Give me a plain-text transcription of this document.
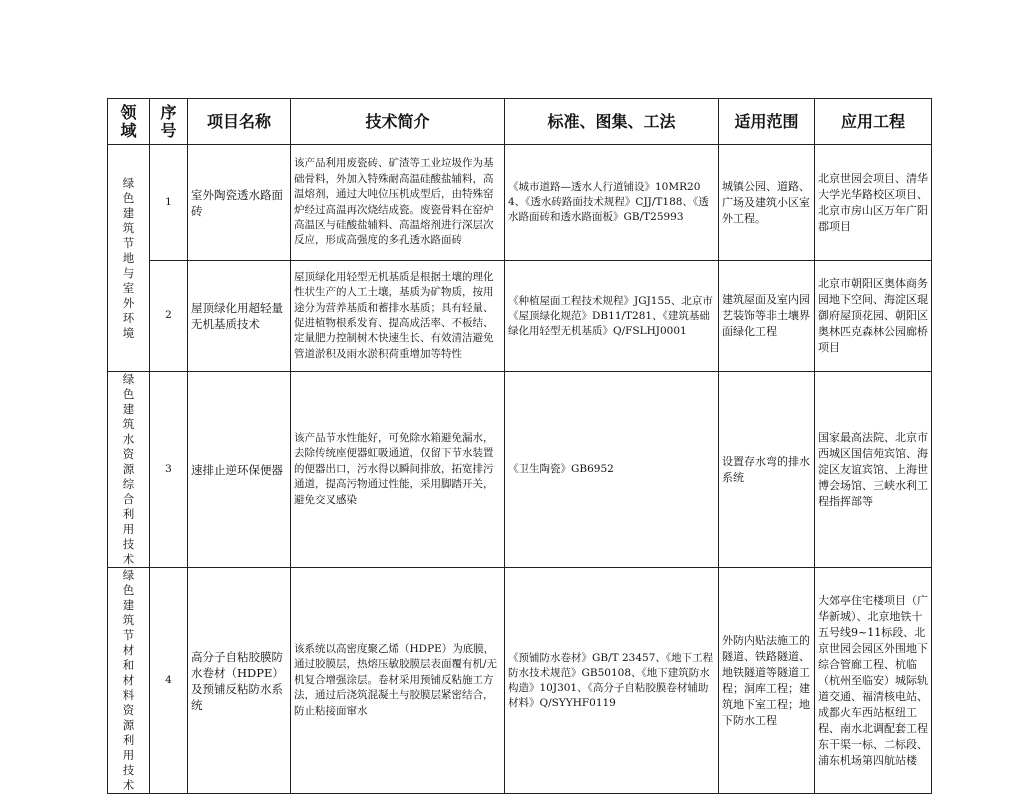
领域	序号	项目名称	技术简介	标准、图集、工法	适用范围	应用工程

绿色建筑节地与室外环境	1	室外陶瓷透水路面砖	该产品利用废瓷砖、矿渣等工业垃圾作为基础骨料，外加入特殊耐高温硅酸盐辅料，高温熔剂，通过大吨位压机成型后，由特殊窑炉经过高温再次烧结成瓷。废瓷骨料在窑炉高温区与硅酸盐辅料、高温熔剂进行深层次反应，形成高强度的多孔透水路面砖	《城市道路—透水人行道铺设》10MR204、《透水砖路面技术规程》CJJ/T188、《透水路面砖和透水路面板》GB/T25993	城镇公园、道路、广场及建筑小区室外工程。	北京世园会项目、清华大学光华路校区项目、北京市房山区万年广阳郡项目
	2	屋顶绿化用超轻量无机基质技术	屋顶绿化用轻型无机基质是根据土壤的理化性状生产的人工土壤，基质为矿物质，按用途分为营养基质和蓄排水基质；具有轻量、促进植物根系发育、提高成活率、不板结、定量肥力控制树木快速生长、有效清洁避免管道淤积及雨水淤积荷重增加等特性	《种植屋面工程技术规程》JGJ155、北京市《屋顶绿化规范》DB11/T281、《建筑基础绿化用轻型无机基质》Q/FSLHJ0001	建筑屋面及室内园艺装饰等非土壤界面绿化工程	北京市朝阳区奥体商务园地下空间、海淀区琨御府屋顶花园、朝阳区奥林匹克森林公园廊桥项目

绿色建筑水资源综合利用技术	3	速排止逆环保便器	该产品节水性能好，可免除水箱避免漏水，去除传统座便器虹吸通道，仅留下节水装置的便器出口，污水得以瞬间排放，拓宽排污通道，提高污物通过性能，采用脚踏开关，避免交叉感染	《卫生陶瓷》GB6952	设置存水弯的排水系统	国家最高法院、北京市西城区国信苑宾馆、海淀区友谊宾馆、上海世博会场馆、三峡水利工程指挥部等

绿色建筑节材和材料资源利用技术	4	高分子自粘胶膜防水卷材（HDPE）及预铺反粘防水系统	该系统以高密度聚乙烯（HDPE）为底膜，通过胶膜层，热熔压敏胶膜层表面覆有机/无机复合增强涂层。卷材采用预铺反粘施工方法，通过后浇筑混凝土与胶膜层紧密结合，防止粘接面窜水	《预铺防水卷材》GB/T 23457、《地下工程防水技术规范》GB50108、《地下建筑防水构造》10J301、《高分子自粘胶膜卷材辅助材料》Q/SYYHF0119	外防内贴法施工的隧道、铁路隧道、地铁隧道等隧道工程；洞库工程；建筑地下室工程；地下防水工程	大郊亭住宅楼项目（广华新城）、北京地铁十五号线9~11标段、北京世园会园区外围地下综合管廊工程、杭临（杭州至临安）城际轨道交通、福清核电站、成都火车西站枢纽工程、南水北调配套工程东干渠一标、二标段、浦东机场第四航站楼
